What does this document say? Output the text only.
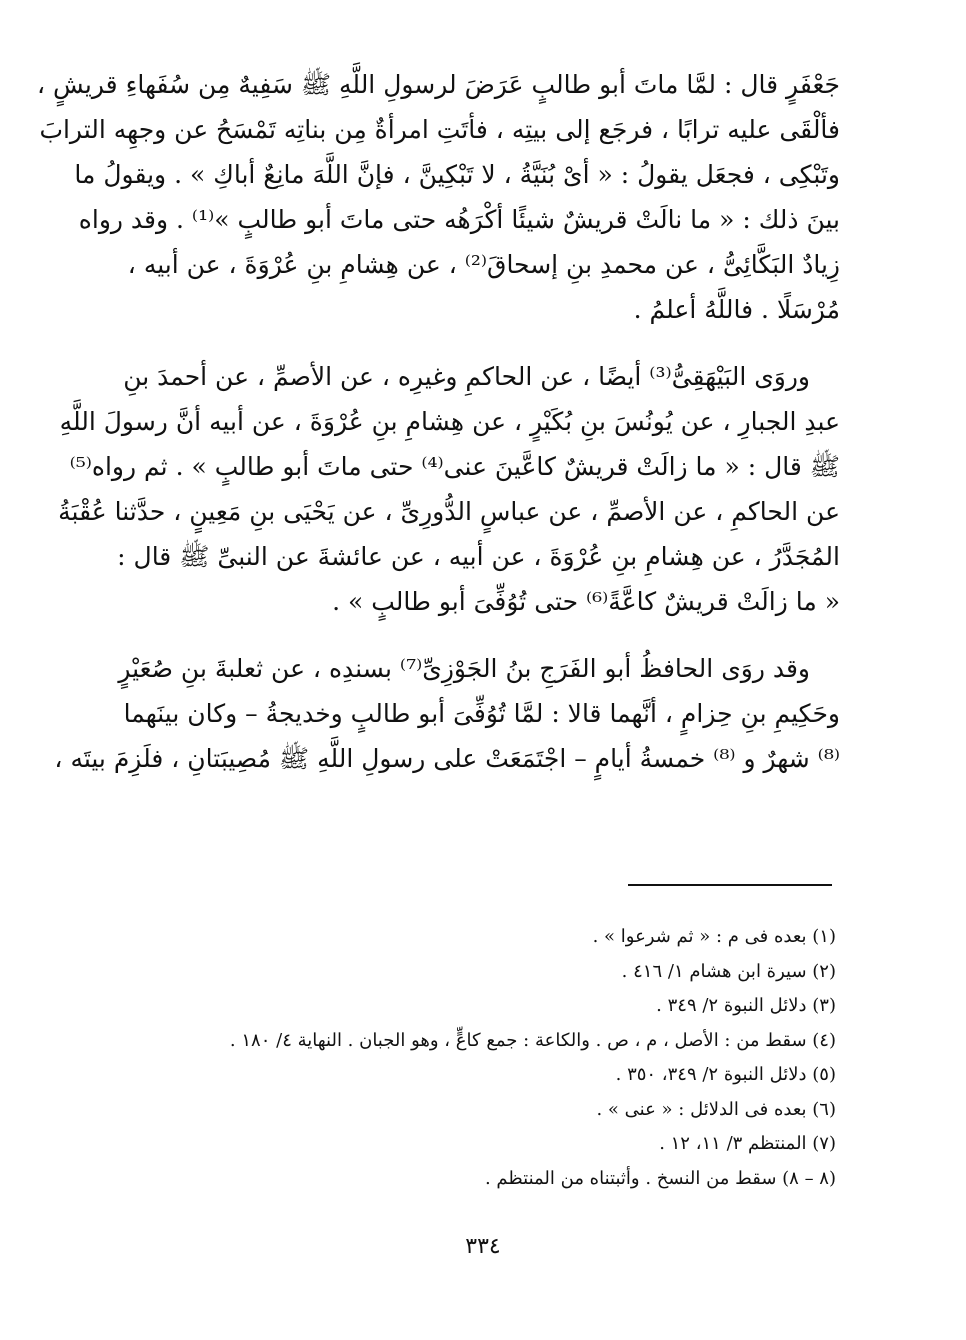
جَعْفَرٍ قال : لمَّا ماتَ أبو طالبٍ عَرَضَ لرسولِ اللَّهِ ﷺ سَفِيهٌ مِن سُفَهاءِ قريشٍ ،
فألْقَى عليه ترابًا ، فرجَع إلى بيتِه ، فأتَتِ امرأةٌ مِن بناتِه تَمْسَحُ عن وجهِه الترابَ
وتَبْكِى ، فجعَل يقولُ : « أىْ بُنَيَّةُ ، لا تَبْكِينَّ ، فإنَّ اللَّهَ مانِعٌ أباكِ » . ويقولُ ما
بينَ ذلك : « ما نالَتْ قريشٌ شيئًا أكْرَهُه حتى ماتَ أبو طالبٍ »⁽¹⁾ . وقد رواه
زِيادٌ البَكَّائِىُّ ، عن محمدِ بنِ إسحاقَ⁽²⁾ ، عن هِشامِ بنِ عُرْوَةَ ، عن أبيه ،
مُرْسَلًا . فاللَّهُ أعلمُ .
وروَى البَيْهَقِىُّ⁽³⁾ أيضًا ، عن الحاكمِ وغيرِه ، عن الأصمِّ ، عن أحمدَ بنِ
عبدِ الجبارِ ، عن يُونُسَ بنِ بُكَيْرٍ ، عن هِشامِ بنِ عُرْوَةَ ، عن أبيه أنَّ رسولَ اللَّهِ
ﷺ قال : « ما زالَتْ قريشٌ كاعَّينَ عنى⁽⁴⁾ حتى ماتَ أبو طالبٍ » . ثم رواه⁽⁵⁾
عن الحاكمِ ، عن الأصمِّ ، عن عباسٍ الدُّورِىِّ ، عن يَحْيَى بنِ مَعِينٍ ، حدَّثنا عُقْبَةُ
المُجَدَّرُ ، عن هِشامِ بنِ عُرْوَةَ ، عن أبيه ، عن عائشةَ عن النبىِّ ﷺ قال :
« ما زالَتْ قريشٌ كاعَّةً⁽⁶⁾ حتى تُوُفِّىَ أبو طالبٍ » .
وقد روَى الحافظُ أبو الفَرَجِ بنُ الجَوْزِىِّ⁽⁷⁾ بسندِه ، عن ثعلبةَ بنِ صُعَيْرٍ
وحَكِيمِ بنِ حِزامٍ ، أنَّهما قالا : لمَّا تُوُفِّىَ أبو طالبٍ وخديجةُ – وكان بينَهما
⁽⁸⁾ شهرٌ و ⁽⁸⁾ خمسةُ أيامٍ – اجْتَمَعَتْ على رسولِ اللَّهِ ﷺ مُصِيبَتانِ ، فلَزِمَ بيتَه ،
(١) بعده فى م : « ثم شرعوا » .
(٢) سيرة ابن هشام ١/ ٤١٦ .
(٣) دلائل النبوة ٢/ ٣٤٩ .
(٤) سقط من : الأصل ، م ، ص . والكاعة : جمع كاعٍّ ، وهو الجبان . النهاية ٤/ ١٨٠ .
(٥) دلائل النبوة ٢/ ٣٤٩، ٣٥٠ .
(٦) بعده فى الدلائل : « عنى » .
(٧) المنتظم ٣/ ١١، ١٢ .
(٨ – ٨) سقط من النسخ . وأثبتناه من المنتظم .
٣٣٤
